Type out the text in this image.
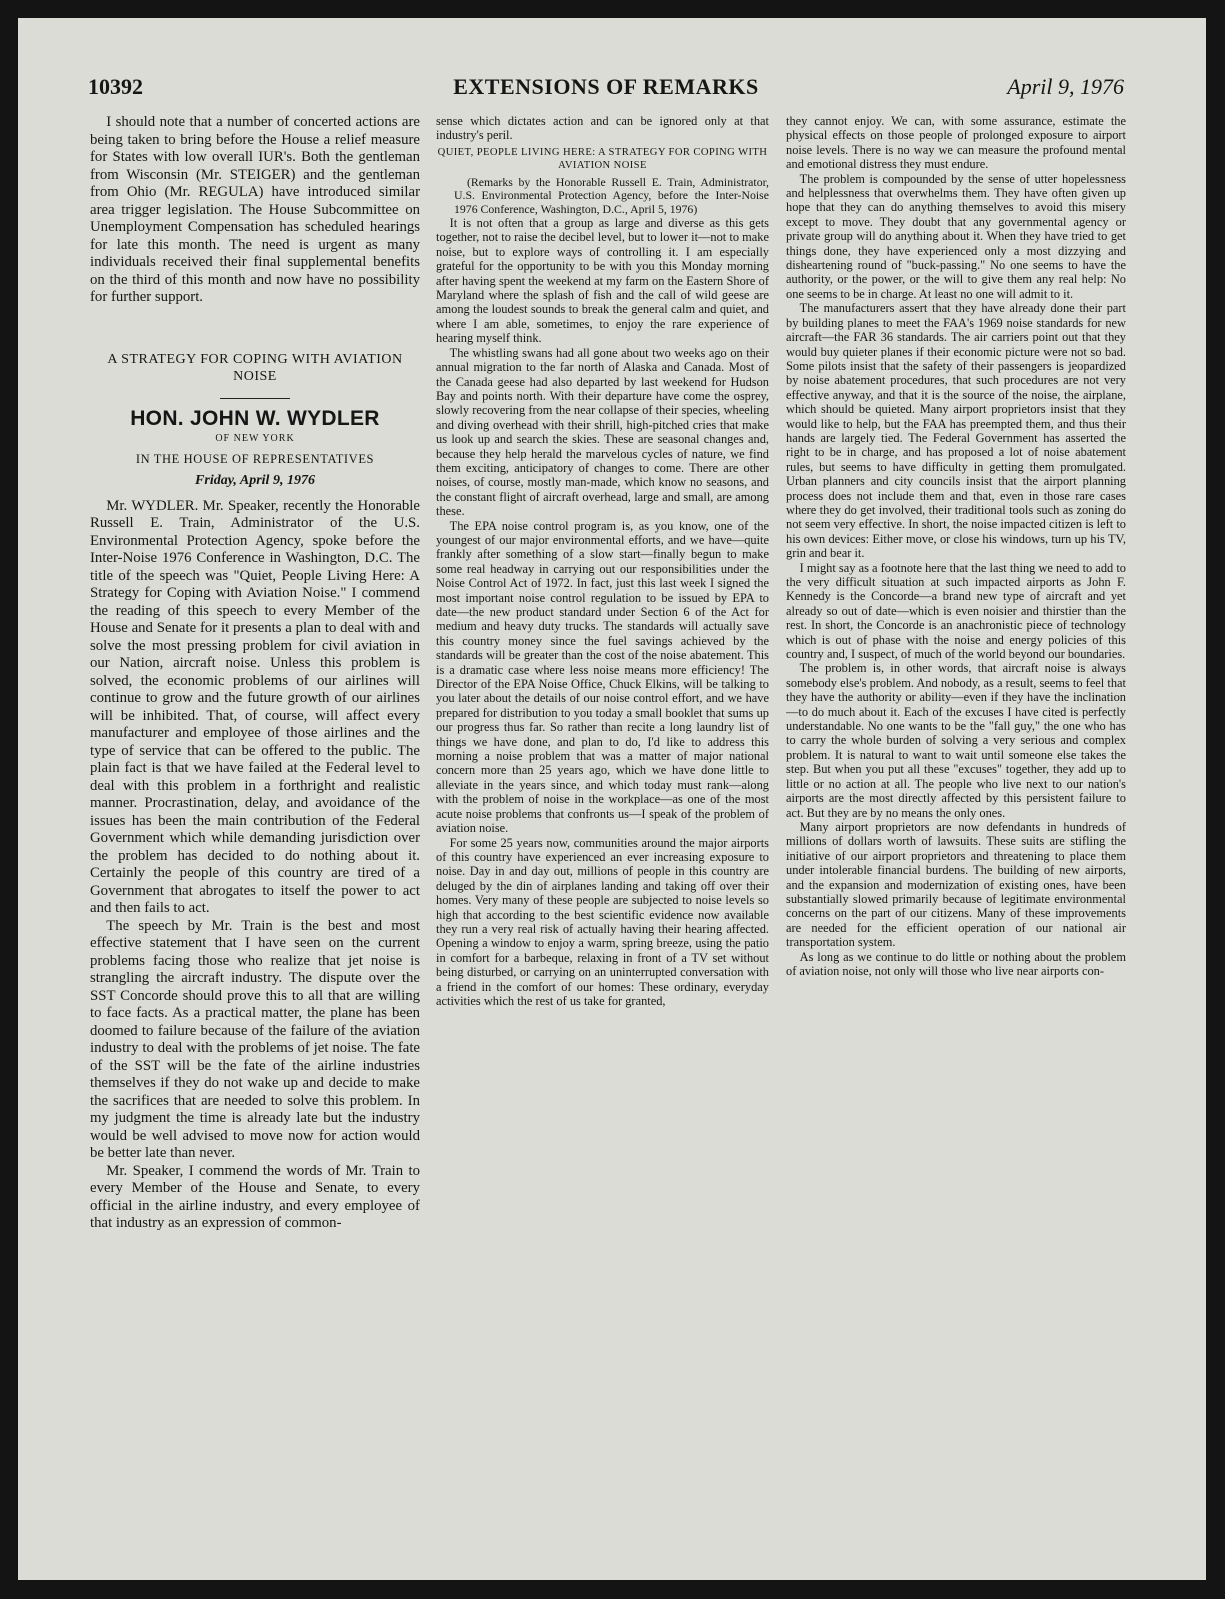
10392	EXTENSIONS OF REMARKS	April 9, 1976

I should note that a number of concerted actions are being taken to bring before the House a relief measure for States with low overall IUR's. Both the gentleman from Wisconsin (Mr. STEIGER) and the gentleman from Ohio (Mr. REGULA) have introduced similar area trigger legislation. The House Subcommittee on Unemployment Compensation has scheduled hearings for late this month. The need is urgent as many individuals received their final supplemental benefits on the third of this month and now have no possibility for further support.

A STRATEGY FOR COPING WITH AVIATION NOISE
HON. JOHN W. WYDLER
OF NEW YORK
IN THE HOUSE OF REPRESENTATIVES
Friday, April 9, 1976

Mr. WYDLER. Mr. Speaker, recently the Honorable Russell E. Train, Administrator of the U.S. Environmental Protection Agency, spoke before the Inter-Noise 1976 Conference in Washington, D.C. The title of the speech was "Quiet, People Living Here: A Strategy for Coping with Aviation Noise." I commend the reading of this speech to every Member of the House and Senate for it presents a plan to deal with and solve the most pressing problem for civil aviation in our Nation, aircraft noise. Unless this problem is solved, the economic problems of our airlines will continue to grow and the future growth of our airlines will be inhibited. That, of course, will affect every manufacturer and employee of those airlines and the type of service that can be offered to the public. The plain fact is that we have failed at the Federal level to deal with this problem in a forthright and realistic manner. Procrastination, delay, and avoidance of the issues has been the main contribution of the Federal Government which while demanding jurisdiction over the problem has decided to do nothing about it. Certainly the people of this country are tired of a Government that abrogates to itself the power to act and then fails to act.

The speech by Mr. Train is the best and most effective statement that I have seen on the current problems facing those who realize that jet noise is strangling the aircraft industry. The dispute over the SST Concorde should prove this to all that are willing to face facts. As a practical matter, the plane has been doomed to failure because of the failure of the aviation industry to deal with the problems of jet noise. The fate of the SST will be the fate of the airline industries themselves if they do not wake up and decide to make the sacrifices that are needed to solve this problem. In my judgment the time is already late but the industry would be well advised to move now for action would be better late than never.

Mr. Speaker, I commend the words of Mr. Train to every Member of the House and Senate, to every official in the airline industry, and every employee of that industry as an expression of common-

sense which dictates action and can be ignored only at that industry's peril.

QUIET, PEOPLE LIVING HERE: A STRATEGY FOR COPING WITH AVIATION NOISE

(Remarks by the Honorable Russell E. Train, Administrator, U.S. Environmental Protection Agency, before the Inter-Noise 1976 Conference, Washington, D.C., April 5, 1976)

It is not often that a group as large and diverse as this gets together, not to raise the decibel level, but to lower it—not to make noise, but to explore ways of controlling it. I am especially grateful for the opportunity to be with you this Monday morning after having spent the weekend at my farm on the Eastern Shore of Maryland where the splash of fish and the call of wild geese are among the loudest sounds to break the general calm and quiet, and where I am able, sometimes, to enjoy the rare experience of hearing myself think.

The whistling swans had all gone about two weeks ago on their annual migration to the far north of Alaska and Canada. Most of the Canada geese had also departed by last weekend for Hudson Bay and points north. With their departure have come the osprey, slowly recovering from the near collapse of their species, wheeling and diving overhead with their shrill, high-pitched cries that make us look up and search the skies. These are seasonal changes and, because they help herald the marvelous cycles of nature, we find them exciting, anticipatory of changes to come. There are other noises, of course, mostly man-made, which know no seasons, and the constant flight of aircraft overhead, large and small, are among these.

The EPA noise control program is, as you know, one of the youngest of our major environmental efforts, and we have—quite frankly after something of a slow start—finally begun to make some real headway in carrying out our responsibilities under the Noise Control Act of 1972. In fact, just this last week I signed the most important noise control regulation to be issued by EPA to date—the new product standard under Section 6 of the Act for medium and heavy duty trucks. The standards will actually save this country money since the fuel savings achieved by the standards will be greater than the cost of the noise abatement. This is a dramatic case where less noise means more efficiency! The Director of the EPA Noise Office, Chuck Elkins, will be talking to you later about the details of our noise control effort, and we have prepared for distribution to you today a small booklet that sums up our progress thus far. So rather than recite a long laundry list of things we have done, and plan to do, I'd like to address this morning a noise problem that was a matter of major national concern more than 25 years ago, which we have done little to alleviate in the years since, and which today must rank—along with the problem of noise in the workplace—as one of the most acute noise problems that confronts us—I speak of the problem of aviation noise.

For some 25 years now, communities around the major airports of this country have experienced an ever increasing exposure to noise. Day in and day out, millions of people in this country are deluged by the din of airplanes landing and taking off over their homes. Very many of these people are subjected to noise levels so high that according to the best scientific evidence now available they run a very real risk of actually having their hearing affected. Opening a window to enjoy a warm, spring breeze, using the patio in comfort for a barbeque, relaxing in front of a TV set without being disturbed, or carrying on an uninterrupted conversation with a friend in the comfort of our homes: These ordinary, everyday activities which the rest of us take for granted,

they cannot enjoy. We can, with some assurance, estimate the physical effects on those people of prolonged exposure to airport noise levels. There is no way we can measure the profound mental and emotional distress they must endure.

The problem is compounded by the sense of utter hopelessness and helplessness that overwhelms them. They have often given up hope that they can do anything themselves to avoid this misery except to move. They doubt that any governmental agency or private group will do anything about it. When they have tried to get things done, they have experienced only a most dizzying and disheartening round of "buck-passing." No one seems to have the authority, or the power, or the will to give them any real help: No one seems to be in charge. At least no one will admit to it.

The manufacturers assert that they have already done their part by building planes to meet the FAA's 1969 noise standards for new aircraft—the FAR 36 standards. The air carriers point out that they would buy quieter planes if their economic picture were not so bad. Some pilots insist that the safety of their passengers is jeopardized by noise abatement procedures, that such procedures are not very effective anyway, and that it is the source of the noise, the airplane, which should be quieted. Many airport proprietors insist that they would like to help, but the FAA has preempted them, and thus their hands are largely tied. The Federal Government has asserted the right to be in charge, and has proposed a lot of noise abatement rules, but seems to have difficulty in getting them promulgated. Urban planners and city councils insist that the airport planning process does not include them and that, even in those rare cases where they do get involved, their traditional tools such as zoning do not seem very effective. In short, the noise impacted citizen is left to his own devices: Either move, or close his windows, turn up his TV, grin and bear it.

I might say as a footnote here that the last thing we need to add to the very difficult situation at such impacted airports as John F. Kennedy is the Concorde—a brand new type of aircraft and yet already so out of date—which is even noisier and thirstier than the rest. In short, the Concorde is an anachronistic piece of technology which is out of phase with the noise and energy policies of this country and, I suspect, of much of the world beyond our boundaries.

The problem is, in other words, that aircraft noise is always somebody else's problem. And nobody, as a result, seems to feel that they have the authority or ability—even if they have the inclination—to do much about it. Each of the excuses I have cited is perfectly understandable. No one wants to be the "fall guy," the one who has to carry the whole burden of solving a very serious and complex problem. It is natural to want to wait until someone else takes the step. But when you put all these "excuses" together, they add up to little or no action at all. The people who live next to our nation's airports are the most directly affected by this persistent failure to act. But they are by no means the only ones.

Many airport proprietors are now defendants in hundreds of millions of dollars worth of lawsuits. These suits are stifling the initiative of our airport proprietors and threatening to place them under intolerable financial burdens. The building of new airports, and the expansion and modernization of existing ones, have been substantially slowed primarily because of legitimate environmental concerns on the part of our citizens. Many of these improvements are needed for the efficient operation of our national air transportation system.

As long as we continue to do little or nothing about the problem of aviation noise, not only will those who live near airports con-
